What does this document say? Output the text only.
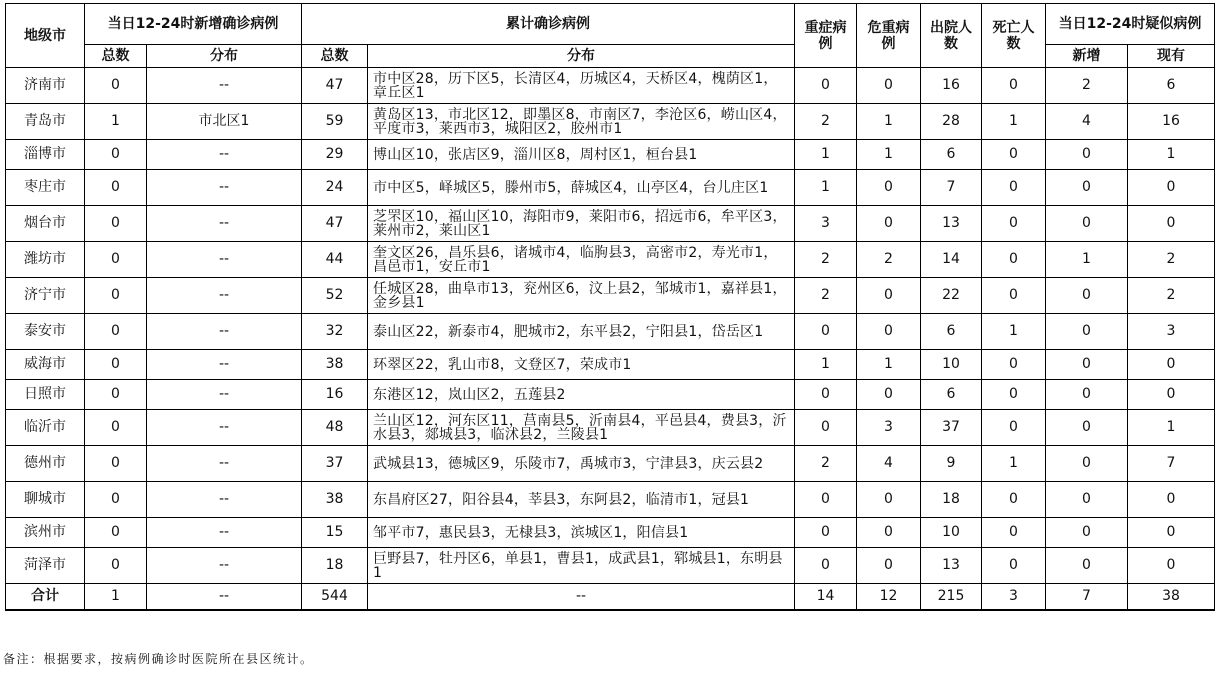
地级市	当日12-24时新增确诊病例		累计确诊病例		重症病例	危重病例	出院人数	死亡人数	当日12-24时疑似病例	
	总数	分布	总数	分布					新增	现有
济南市	0	--	47	市中区28，历下区5，长清区4，历城区4，天桥区4，槐荫区1，章丘区1	0	0	16	0	2	6
青岛市	1	市北区1	59	黄岛区13，市北区12，即墨区8，市南区7，李沧区6，崂山区4，平度市3，莱西市3，城阳区2，胶州市1	2	1	28	1	4	16
淄博市	0	--	29	博山区10，张店区9，淄川区8，周村区1，桓台县1	1	1	6	0	0	1
枣庄市	0	--	24	市中区5，峄城区5，滕州市5，薛城区4，山亭区4，台儿庄区1	1	0	7	0	0	0
烟台市	0	--	47	芝罘区10，福山区10，海阳市9，莱阳市6，招远市6，牟平区3，莱州市2，莱山区1	3	0	13	0	0	0
潍坊市	0	--	44	奎文区26，昌乐县6，诸城市4，临朐县3，高密市2，寿光市1，昌邑市1，安丘市1	2	2	14	0	1	2
济宁市	0	--	52	任城区28，曲阜市13，兖州区6，汶上县2，邹城市1，嘉祥县1，金乡县1	2	0	22	0	0	2
泰安市	0	--	32	泰山区22，新泰市4，肥城市2，东平县2，宁阳县1，岱岳区1	0	0	6	1	0	3
威海市	0	--	38	环翠区22，乳山市8，文登区7，荣成市1	1	1	10	0	0	0
日照市	0	--	16	东港区12，岚山区2，五莲县2	0	0	6	0	0	0
临沂市	0	--	48	兰山区12，河东区11，莒南县5，沂南县4，平邑县4，费县3，沂水县3，郯城县3，临沭县2，兰陵县1	0	3	37	0	0	1
德州市	0	--	37	武城县13，德城区9，乐陵市7，禹城市3，宁津县3，庆云县2	2	4	9	1	0	7
聊城市	0	--	38	东昌府区27，阳谷县4，莘县3，东阿县2，临清市1，冠县1	0	0	18	0	0	0
滨州市	0	--	15	邹平市7，惠民县3，无棣县3，滨城区1，阳信县1	0	0	10	0	0	0
菏泽市	0	--	18	巨野县7，牡丹区6，单县1，曹县1，成武县1，郓城县1，东明县1	0	0	13	0	0	0
合计	1	--	544	--	14	12	215	3	7	38
备注：根据要求，按病例确诊时医院所在县区统计。
